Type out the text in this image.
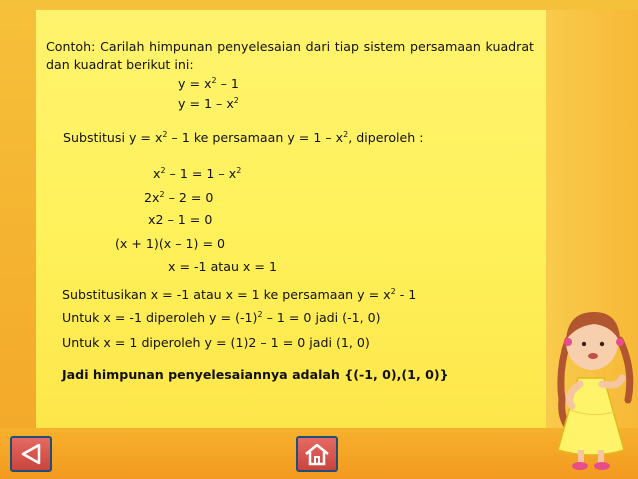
Contoh: Carilah himpunan penyelesaian dari tiap sistem persamaan kuadrat dan kuadrat berikut ini:
$y = x^2 - 1$
$y = 1 - x^2$
Substitusi $y = x^2 - 1$ ke persamaan $y = 1 - x^2$, diperoleh :
$x^2 - 1 = 1 - x^2$
$2x^2 - 2 = 0$
x2 – 1 = 0
(x + 1)(x – 1) = 0
x = -1 atau x = 1
Substitusikan x = -1 atau x = 1 ke persamaan $y = x^2 - 1$
Untuk x = -1 diperoleh $y = (-1)^2 - 1 = 0$ jadi (-1, 0)
Untuk x = 1 diperoleh y = (1)2 – 1 = 0 jadi (1, 0)
Jadi himpunan penyelesaiannya adalah {(-1, 0),(1, 0)}
